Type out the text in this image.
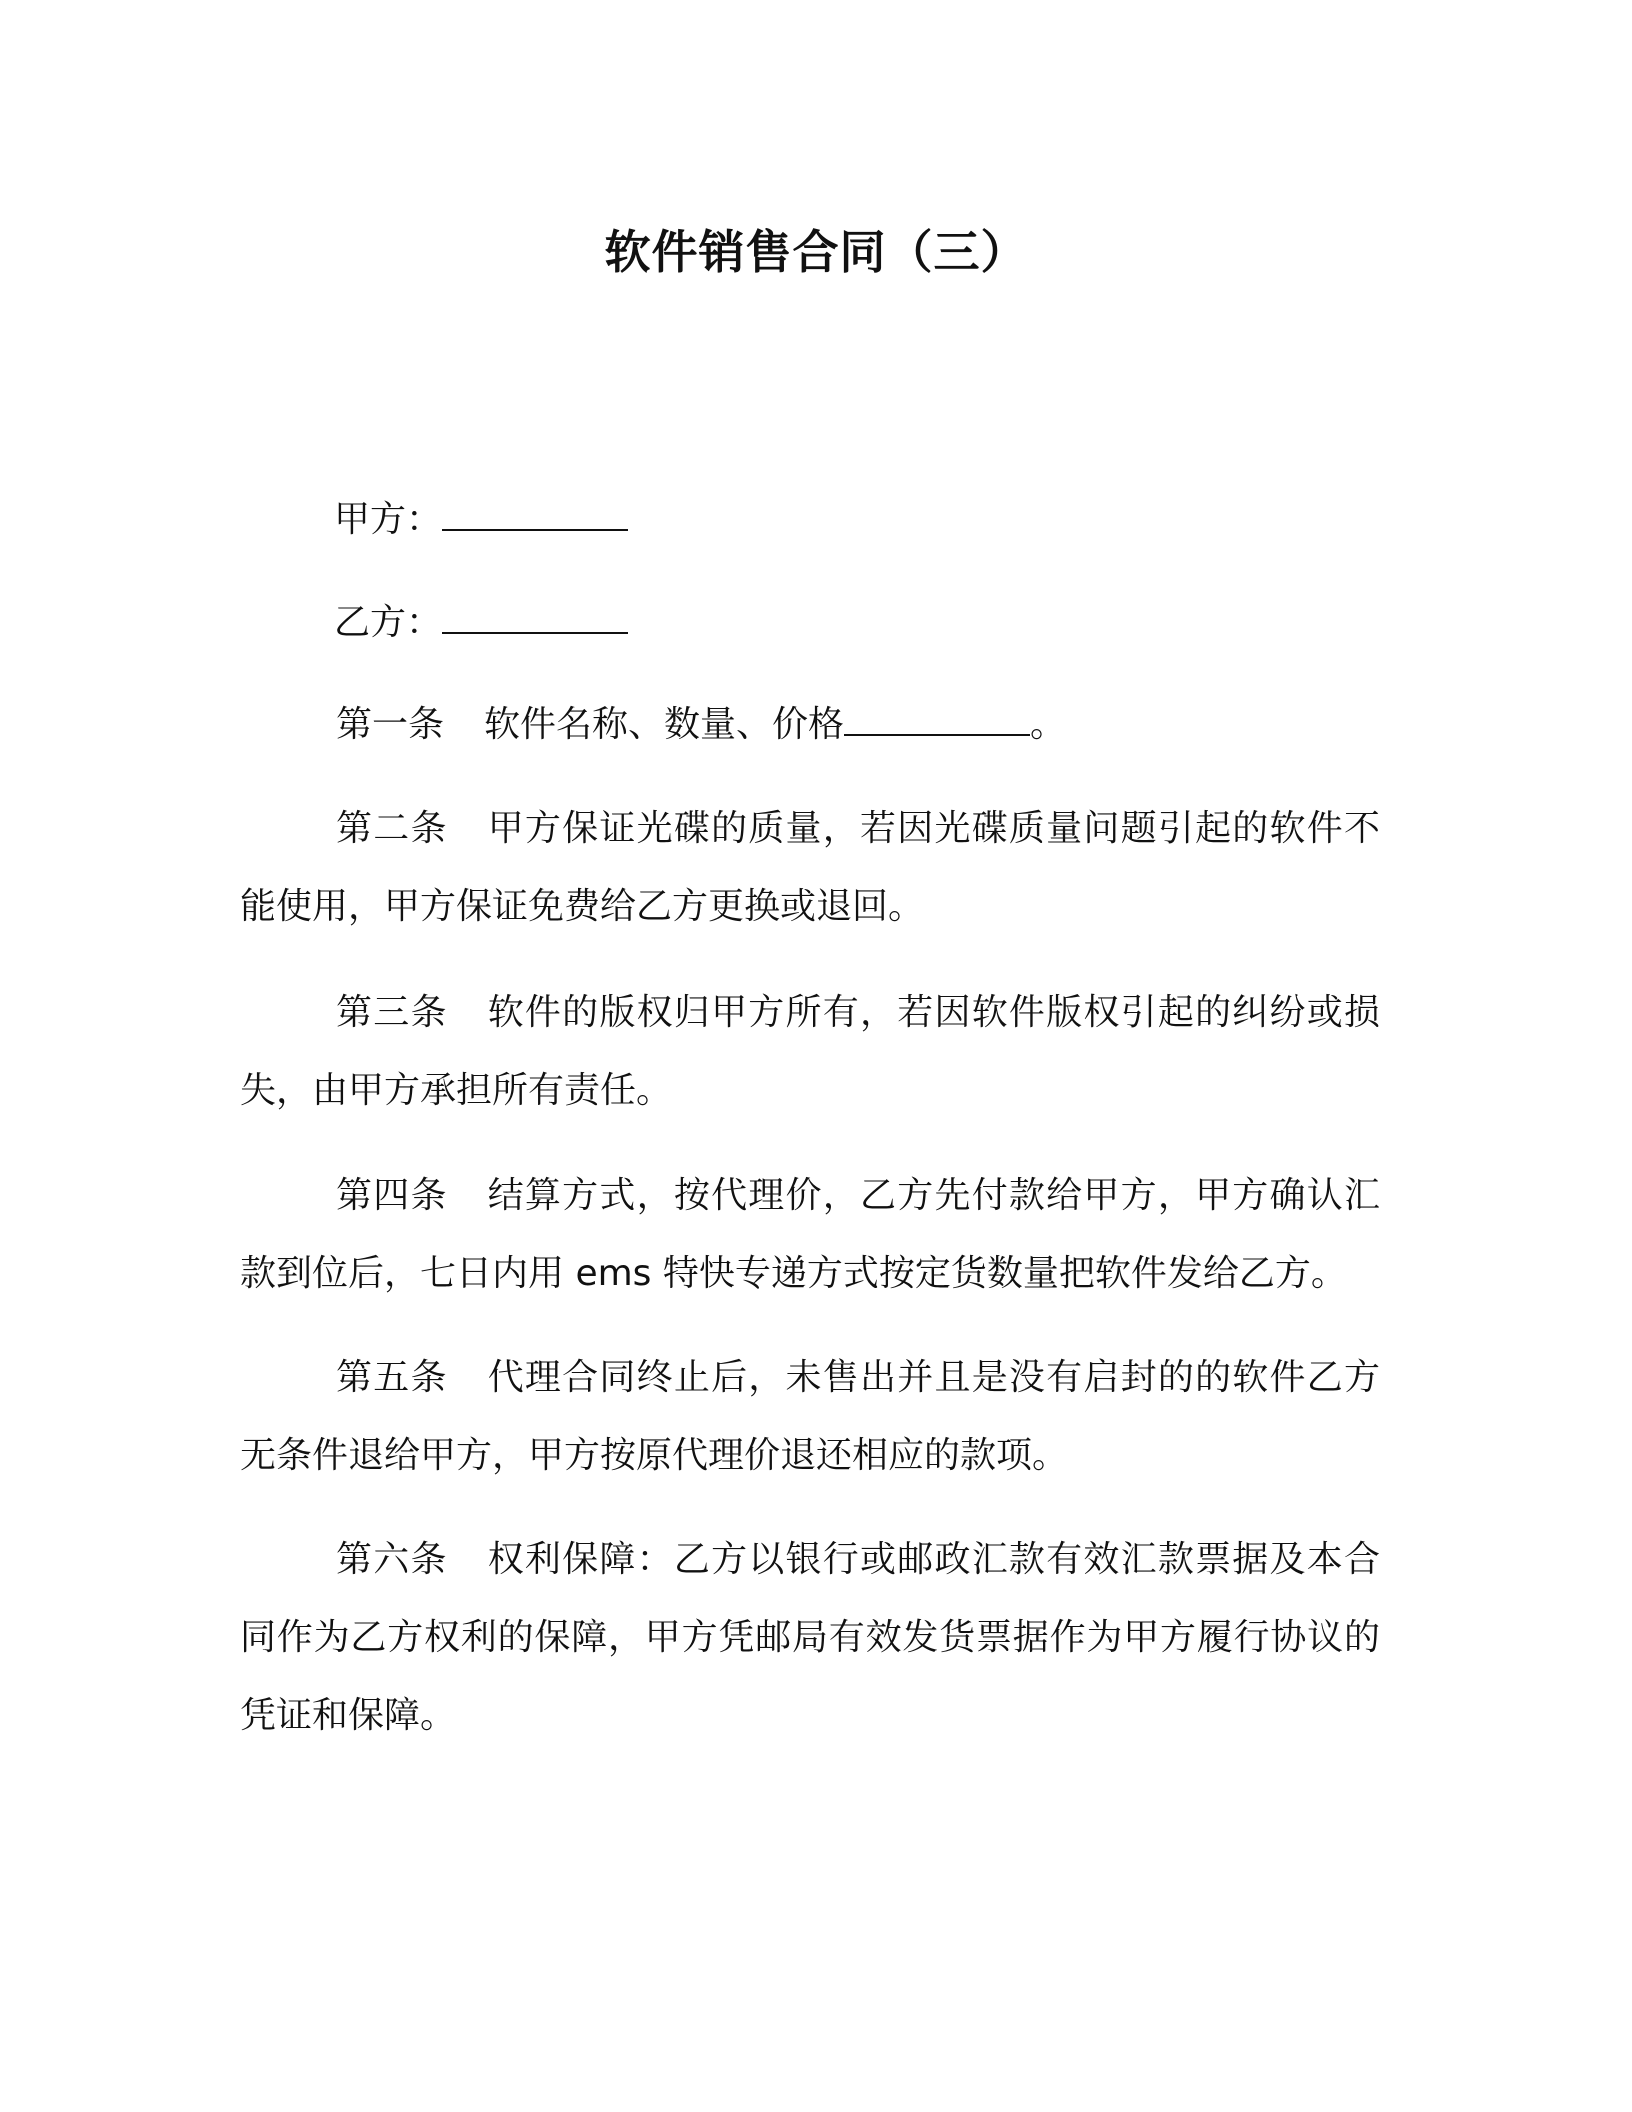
软件销售合同（三）
甲方：
乙方：

第一条 软件名称、数量、价格	。

第二条 甲方保证光碟的质量，若因光碟质量问题引起的软件不能使用，甲方保证免费给乙方更换或退回。

第三条 软件的版权归甲方所有，若因软件版权引起的纠纷或损失，由甲方承担所有责任。

第四条 结算方式，按代理价，乙方先付款给甲方，甲方确认汇款到位后，七日内用 ems 特快专递方式按定货数量把软件发给乙方。

第五条 代理合同终止后，未售出并且是没有启封的的软件乙方无条件退给甲方，甲方按原代理价退还相应的款项。

第六条 权利保障：乙方以银行或邮政汇款有效汇款票据及本合同作为乙方权利的保障，甲方凭邮局有效发货票据作为甲方履行协议的凭证和保障。
